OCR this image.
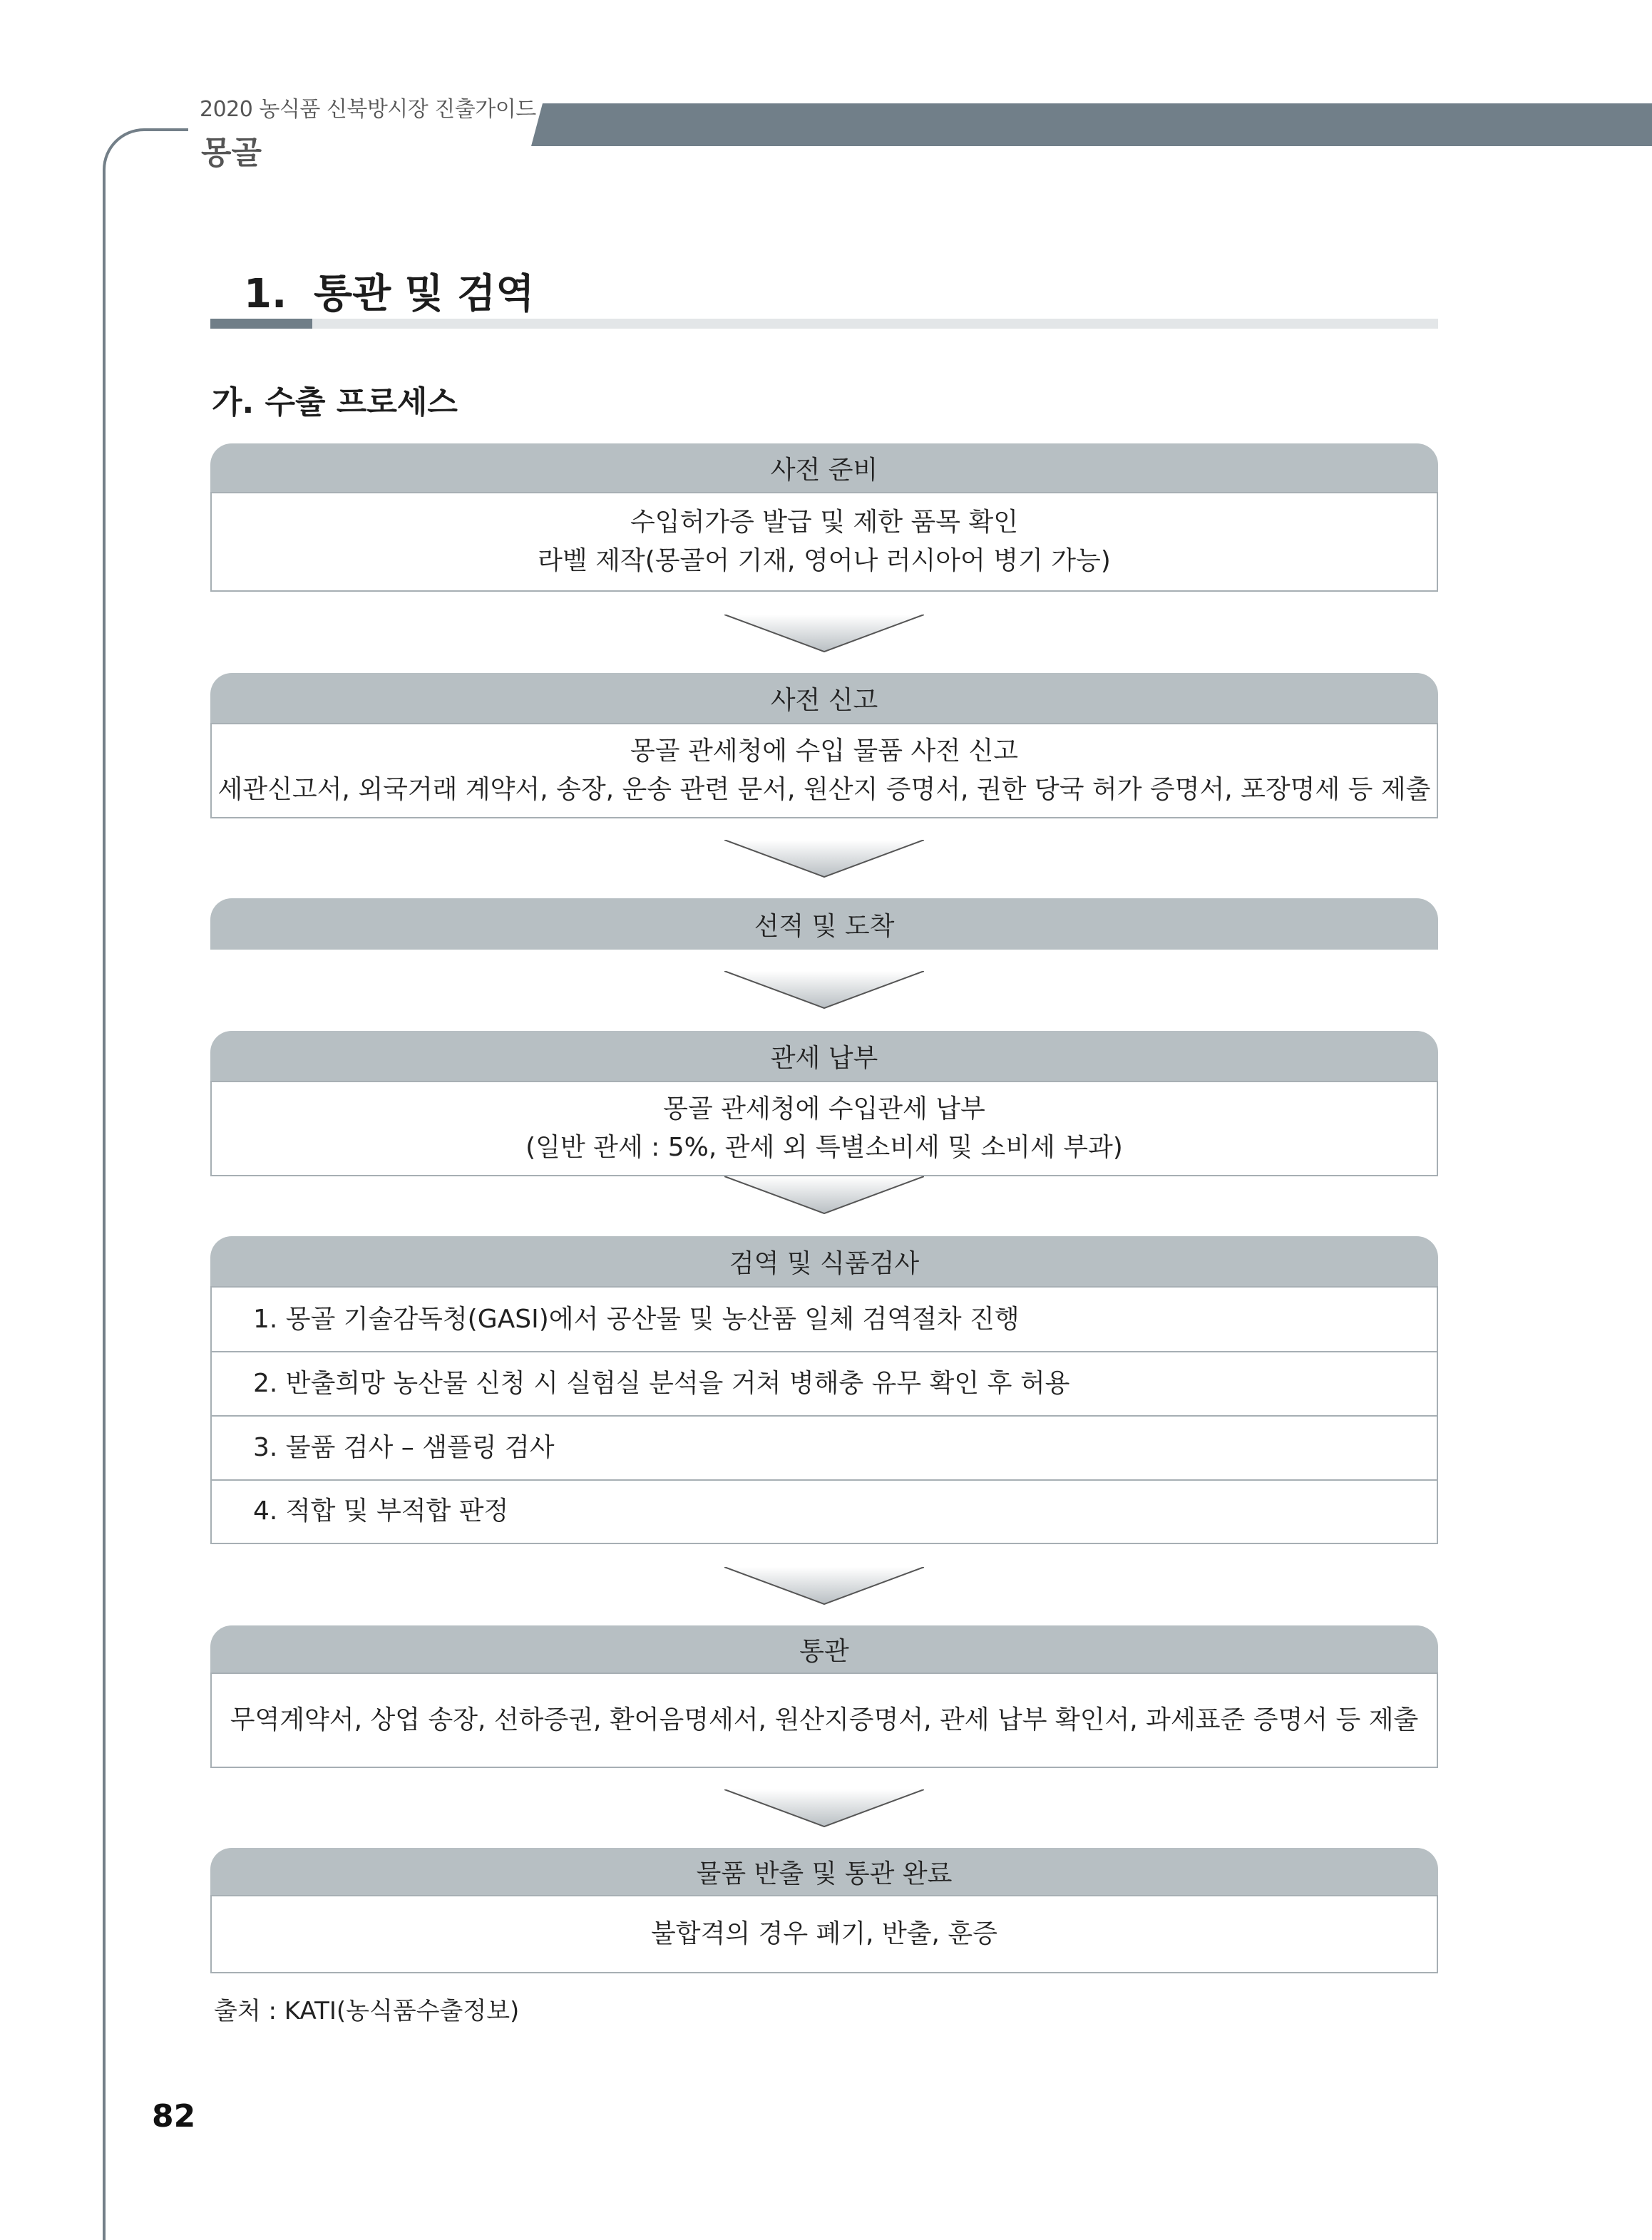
2020 농식품 신북방시장 진출가이드
몽골
1. 통관 및 검역
가. 수출 프로세스
사전 준비
수입허가증 발급 및 제한 품목 확인
라벨 제작(몽골어 기재, 영어나 러시아어 병기 가능)
사전 신고
몽골 관세청에 수입 물품 사전 신고
세관신고서, 외국거래 계약서, 송장, 운송 관련 문서, 원산지 증명서, 권한 당국 허가 증명서, 포장명세 등 제출
선적 및 도착
관세 납부
몽골 관세청에 수입관세 납부
(일반 관세 : 5%, 관세 외 특별소비세 및 소비세 부과)
검역 및 식품검사
1. 몽골 기술감독청(GASI)에서 공산물 및 농산품 일체 검역절차 진행
2. 반출희망 농산물 신청 시 실험실 분석을 거쳐 병해충 유무 확인 후 허용
3. 물품 검사 – 샘플링 검사
4. 적합 및 부적합 판정
통관
무역계약서, 상업 송장, 선하증권, 환어음명세서, 원산지증명서, 관세 납부 확인서, 과세표준 증명서 등 제출
물품 반출 및 통관 완료
불합격의 경우 폐기, 반출, 훈증
출처 : KATI(농식품수출정보)
82
